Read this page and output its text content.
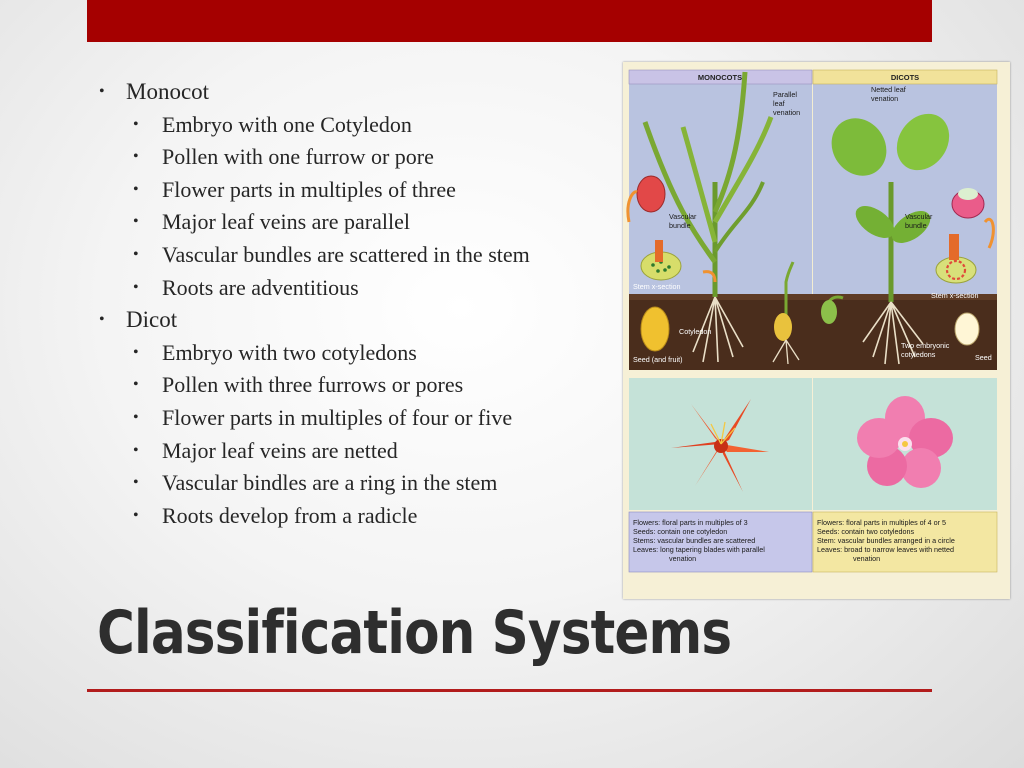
• Monocot
• Embryo with one Cotyledon
• Pollen with one furrow or pore
• Flower parts in multiples of three
• Major leaf veins are parallel
• Vascular bundles are scattered in the stem
• Roots are adventitious
• Dicot
• Embryo with two cotyledons
• Pollen with three furrows or pores
• Flower parts in multiples of four or five
• Major leaf veins are netted
• Vascular bindles are a ring in the stem
• Roots develop from a radicle
MONOCOTS	DICOTS
Parallel
leaf
venation
Vascular
bundle
Stem x-section
Cotyledon
Seed (and fruit)
Netted leaf
venation
Vascular
bundle
Stem x-section
Two embryonic
cotyledons	Seed
Flowers: floral parts in multiples of 3
Seeds: contain one cotyledon
Stems: vascular bundles are scattered
Leaves: long tapering blades with parallel
venation
Flowers: floral parts in multiples of 4 or 5
Seeds: contain two cotyledons
Stem: vascular bundles arranged in a circle
Leaves: broad to narrow leaves with netted
venation
Classification Systems
